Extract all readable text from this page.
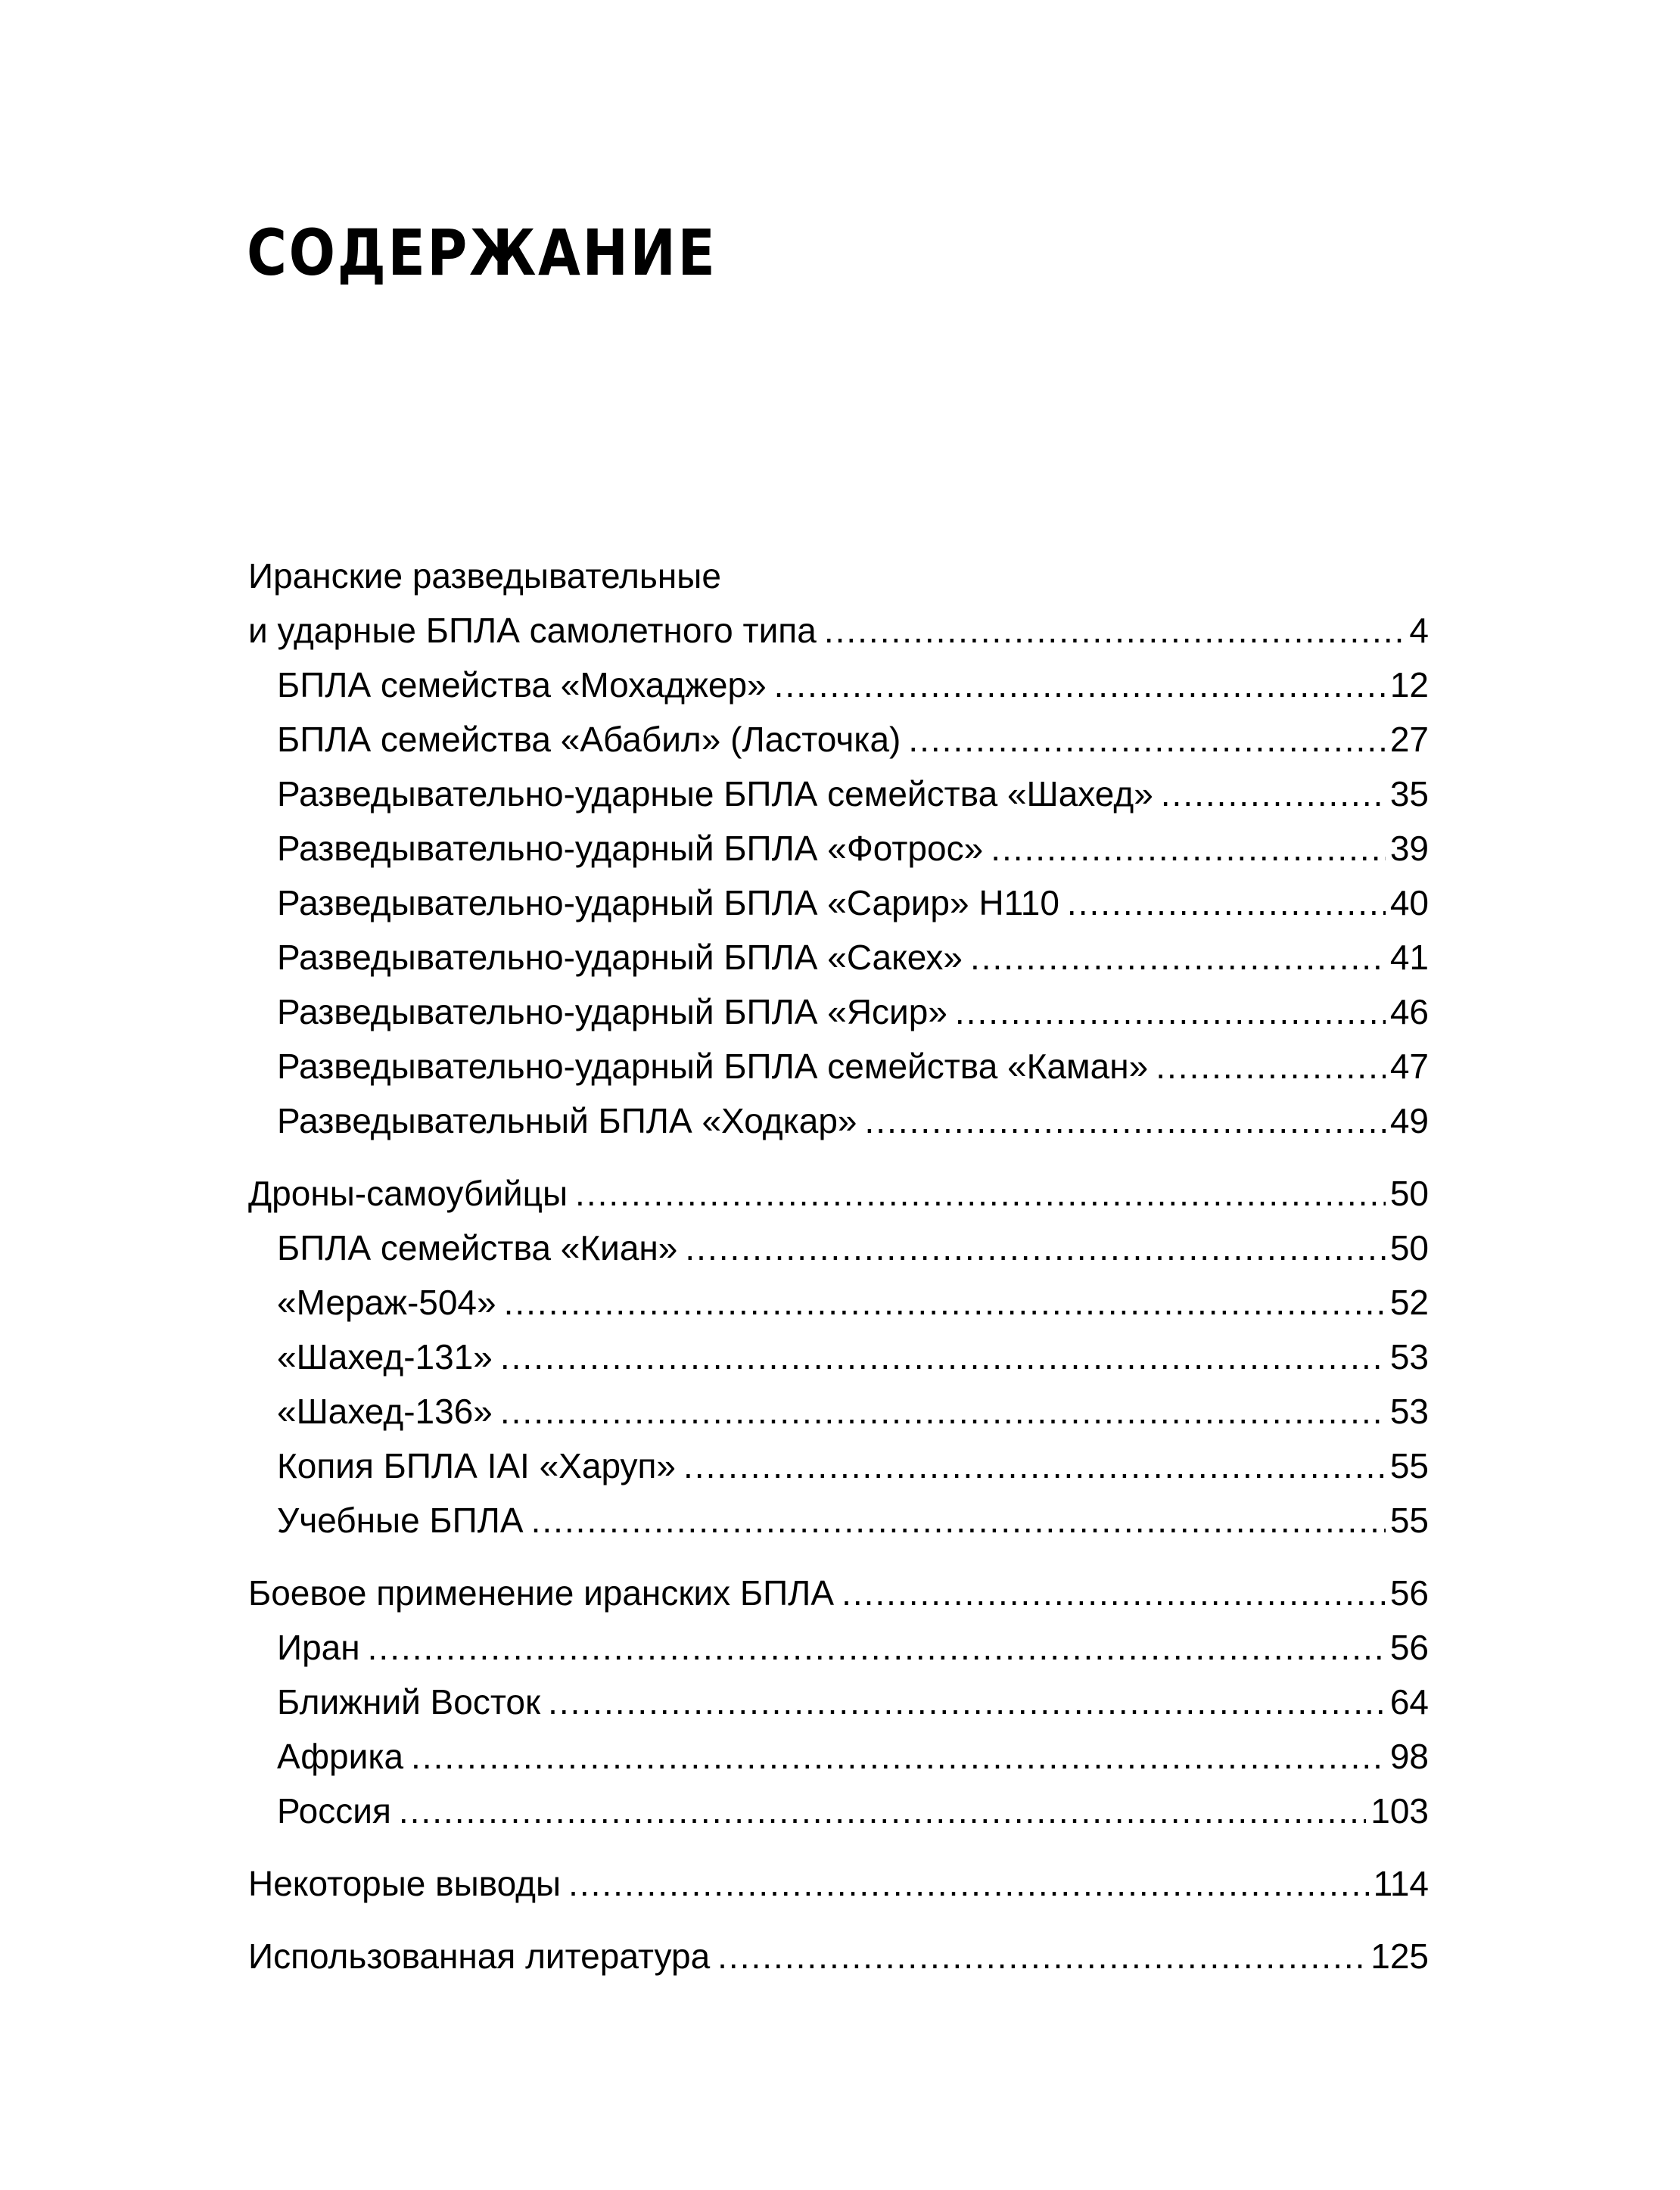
СОДЕРЖАНИЕ
Иранские разведывательные
и ударные БПЛА самолетного типа .....	4
БПЛА семейства «Мохаджер» .....	12
БПЛА семейства «Абабил» (Ласточка) .....	27
Разведывательно-ударные БПЛА семейства «Шахед» .....	35
Разведывательно-ударный БПЛА «Фотрос» .....	39
Разведывательно-ударный БПЛА «Сарир» H110 .....	40
Разведывательно-ударный БПЛА «Сакех» .....	41
Разведывательно-ударный БПЛА «Ясир» .....	46
Разведывательно-ударный БПЛА семейства «Каман» .....	47
Разведывательный БПЛА «Ходкар» .....	49
Дроны-самоубийцы .....	50
БПЛА семейства «Киан» .....	50
«Мераж-504» .....	52
«Шахед-131» .....	53
«Шахед-136» .....	53
Копия БПЛА IAI «Харуп» .....	55
Учебные БПЛА .....	55
Боевое применение иранских БПЛА .....	56
Иран .....	56
Ближний Восток .....	64
Африка .....	98
Россия .....	103
Некоторые выводы .....	114
Использованная литература .....	125
